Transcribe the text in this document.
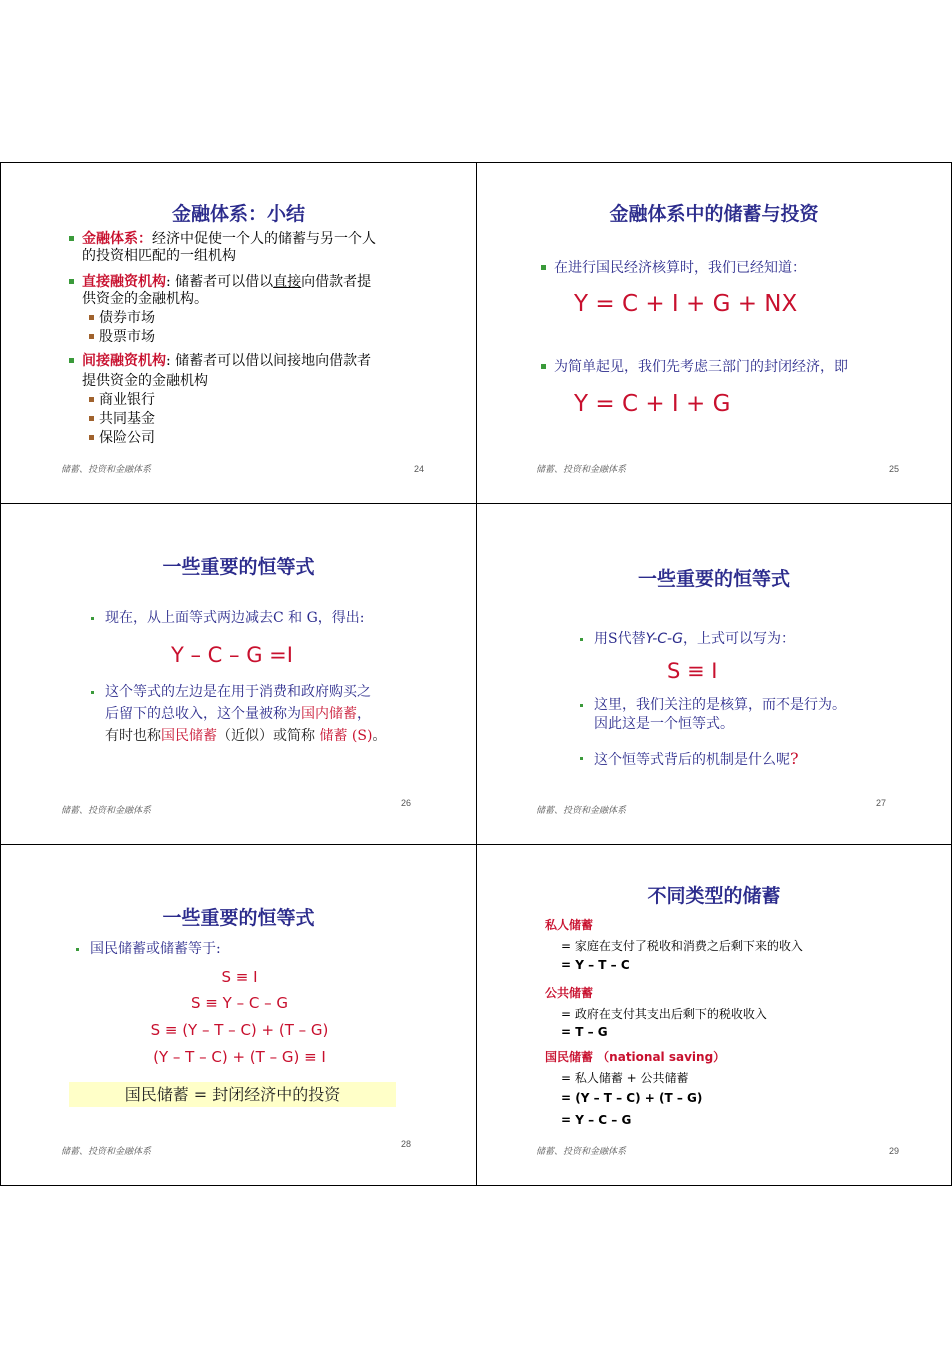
金融体系：小结
金融体系：经济中促使一个人的储蓄与另一个人
的投资相匹配的一组机构
直接融资机构: 储蓄者可以借以直接向借款者提
供资金的金融机构。
债券市场
股票市场
间接融资机构: 储蓄者可以借以间接地向借款者
提供资金的金融机构
商业银行
共同基金
保险公司
储蓄、投资和金融体系	24
金融体系中的储蓄与投资
在进行国民经济核算时，我们已经知道：
Y = C + I + G + NX
为简单起见，我们先考虑三部门的封闭经济，即
Y = C + I + G
储蓄、投资和金融体系	25
一些重要的恒等式
现在，从上面等式两边减去C 和 G，得出:
Y – C – G =I
这个等式的左边是在用于消费和政府购买之
后留下的总收入，这个量被称为国内储蓄，
有时也称国民储蓄（近似）或简称 储蓄 (S)。
储蓄、投资和金融体系
26
一些重要的恒等式
用S代替Y-C-G，上式可以写为：
S ≡ I
这里，我们关注的是核算，而不是行为。
因此这是一个恒等式。
这个恒等式背后的机制是什么呢?
储蓄、投资和金融体系
27
一些重要的恒等式
国民储蓄或储蓄等于:
S ≡ I
S ≡ Y – C – G
S ≡ (Y – T – C) + (T – G)
(Y – T – C) + (T – G) ≡ I
国民储蓄 = 封闭经济中的投资
储蓄、投资和金融体系
28
不同类型的储蓄
私人储蓄
= 家庭在支付了税收和消费之后剩下来的收入
= Y – T – C
公共储蓄
= 政府在支付其支出后剩下的税收收入
= T – G
国民储蓄 （national saving）
= 私人储蓄 + 公共储蓄
= (Y – T – C) + (T – G)
= Y – C – G
储蓄、投资和金融体系	29
